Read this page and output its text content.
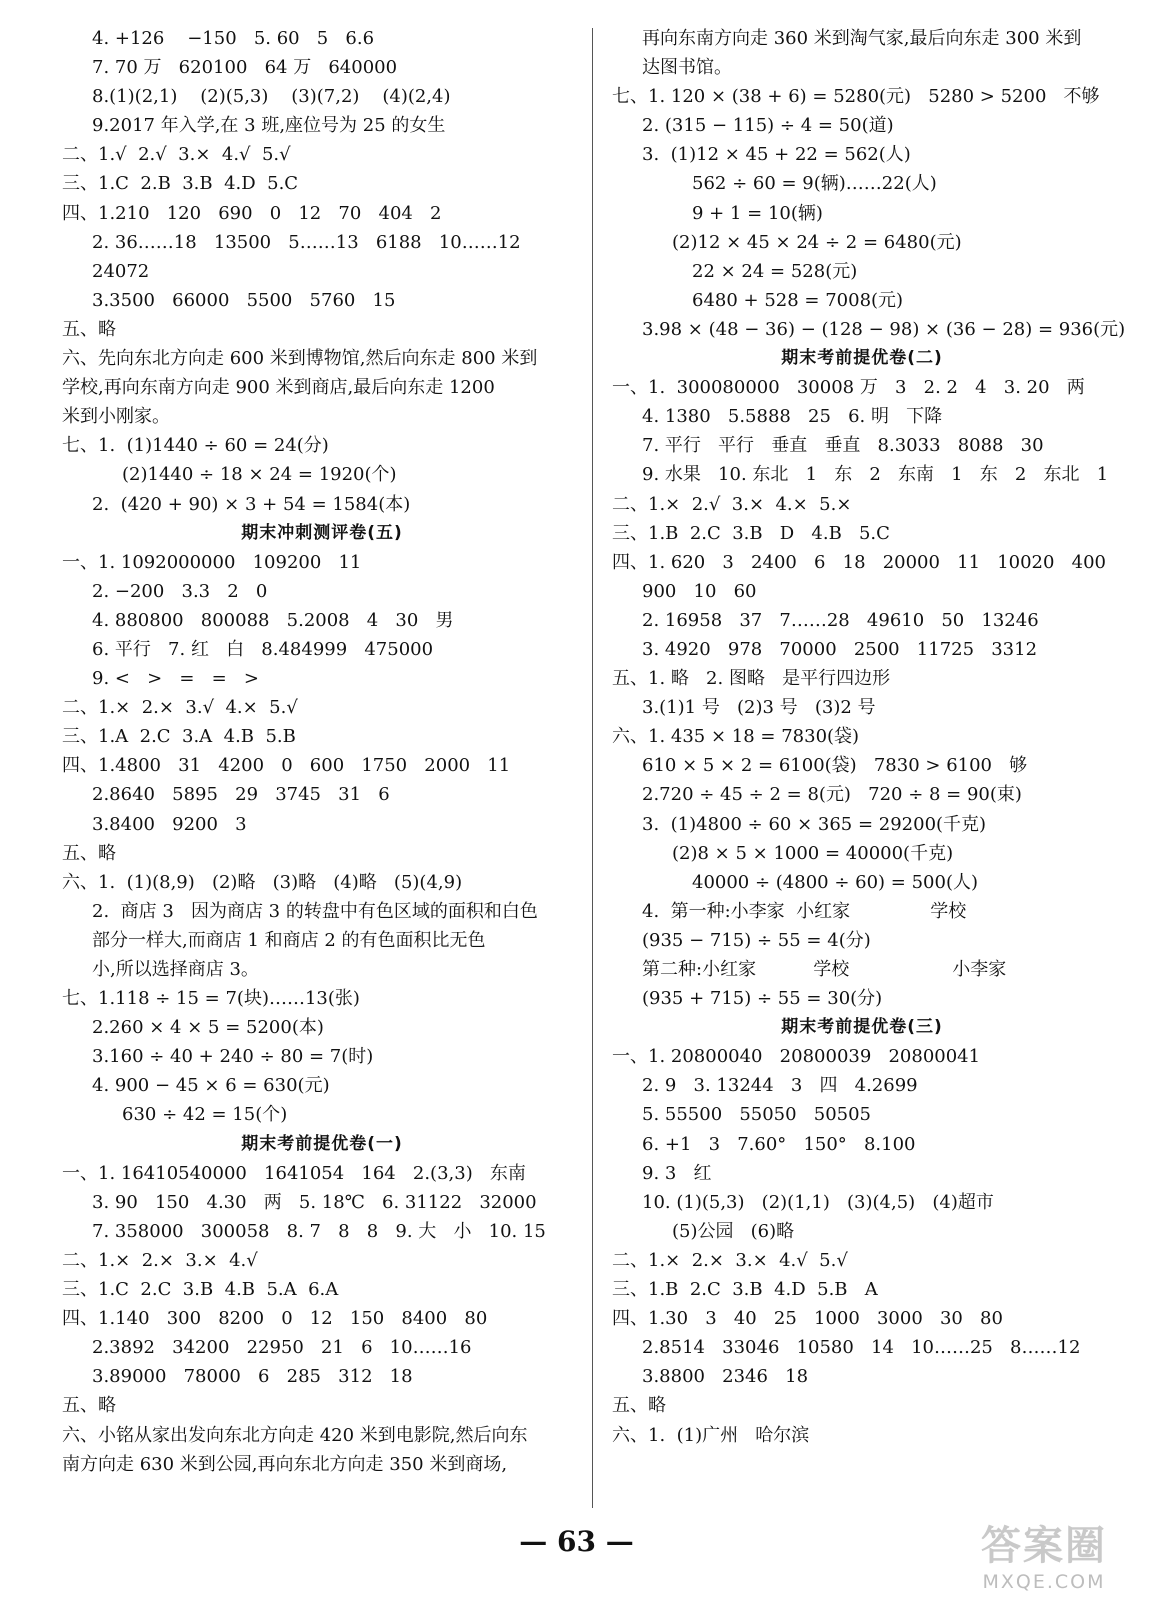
4. +126    −150   5. 60   5   6.6
7. 70 万   620100   64 万   640000
8.(1)(2,1)    (2)(5,3)    (3)(7,2)    (4)(2,4)
9.2017 年入学,在 3 班,座位号为 25 的女生
二、1.√  2.√  3.×  4.√  5.√
三、1.C  2.B  3.B  4.D  5.C
四、1.210   120   690   0   12   70   404   2
2. 36……18   13500   5……13   6188   10……12
24072
3.3500   66000   5500   5760   15
五、略
六、先向东北方向走 600 米到博物馆,然后向东走 800 米到
学校,再向东南方向走 900 米到商店,最后向东走 1200
米到小刚家。
七、1.  (1)1440 ÷ 60 = 24(分)
(2)1440 ÷ 18 × 24 = 1920(个)
2.  (420 + 90) × 3 + 54 = 1584(本)
期末冲刺测评卷(五)
一、1. 1092000000   109200   11
2. −200   3.3   2   0
4. 880800   800088   5.2008   4   30   男
6. 平行   7. 红   白   8.484999   475000
9. <   >   =   =   >
二、1.×  2.×  3.√  4.×  5.√
三、1.A  2.C  3.A  4.B  5.B
四、1.4800   31   4200   0   600   1750   2000   11
2.8640   5895   29   3745   31   6
3.8400   9200   3
五、略
六、1.  (1)(8,9)   (2)略   (3)略   (4)略   (5)(4,9)
2.  商店 3   因为商店 3 的转盘中有色区域的面积和白色
部分一样大,而商店 1 和商店 2 的有色面积比无色
小,所以选择商店 3。
七、1.118 ÷ 15 = 7(块)……13(张)
2.260 × 4 × 5 = 5200(本)
3.160 ÷ 40 + 240 ÷ 80 = 7(时)
4. 900 − 45 × 6 = 630(元)
630 ÷ 42 = 15(个)
期末考前提优卷(一)
一、1. 16410540000   1641054   164   2.(3,3)   东南
3. 90   150   4.30   两   5. 18℃   6. 31122   32000
7. 358000   300058   8. 7   8   8   9. 大   小   10. 15
二、1.×  2.×  3.×  4.√
三、1.C  2.C  3.B  4.B  5.A  6.A
四、1.140   300   8200   0   12   150   8400   80
2.3892   34200   22950   21   6   10……16
3.89000   78000   6   285   312   18
五、略
六、小铭从家出发向东北方向走 420 米到电影院,然后向东
南方向走 630 米到公园,再向东北方向走 350 米到商场,
再向东南方向走 360 米到淘气家,最后向东走 300 米到
达图书馆。
七、1. 120 × (38 + 6) = 5280(元)   5280 > 5200   不够
2. (315 − 115) ÷ 4 = 50(道)
3.  (1)12 × 45 + 22 = 562(人)
562 ÷ 60 = 9(辆)……22(人)
9 + 1 = 10(辆)
(2)12 × 45 × 24 ÷ 2 = 6480(元)
22 × 24 = 528(元)
6480 + 528 = 7008(元)
3.98 × (48 − 36) − (128 − 98) × (36 − 28) = 936(元)
期末考前提优卷(二)
一、1.  300080000   30008 万   3   2. 2   4   3. 20   两
4. 1380   5.5888   25   6. 明   下降
7. 平行   平行   垂直   垂直   8.3033   8088   30
9. 水果   10. 东北   1   东   2   东南   1   东   2   东北   1
二、1.×  2.√  3.×  4.×  5.×
三、1.B  2.C  3.B   D   4.B   5.C
四、1. 620   3   2400   6   18   20000   11   10020   400
900   10   60
2. 16958   37   7……28   49610   50   13246
3. 4920   978   70000   2500   11725   3312
五、1. 略   2. 图略   是平行四边形
3.(1)1 号   (2)3 号   (3)2 号
六、1. 435 × 18 = 7830(袋)
610 × 5 × 2 = 6100(袋)   7830 > 6100   够
2.720 ÷ 45 ÷ 2 = 8(元)   720 ÷ 8 = 90(束)
3.  (1)4800 ÷ 60 × 365 = 29200(千克)
(2)8 × 5 × 1000 = 40000(千克)
40000 ÷ (4800 ÷ 60) = 500(人)
4.  第一种:小李家  小红家              学校
(935 − 715) ÷ 55 = 4(分)
第二种:小红家          学校                  小李家
(935 + 715) ÷ 55 = 30(分)
期末考前提优卷(三)
一、1. 20800040   20800039   20800041
2. 9   3. 13244   3   四   4.2699
5. 55500   55050   50505
6. +1   3   7.60°   150°   8.100
9. 3   红
10. (1)(5,3)   (2)(1,1)   (3)(4,5)   (4)超市
(5)公园   (6)略
二、1.×  2.×  3.×  4.√  5.√
三、1.B  2.C  3.B  4.D  5.B   A
四、1.30   3   40   25   1000   3000   30   80
2.8514   33046   10580   14   10……25   8……12
3.8800   2346   18
五、略
六、1.  (1)广州   哈尔滨
— 63 —	答案圈
MXQE.COM
